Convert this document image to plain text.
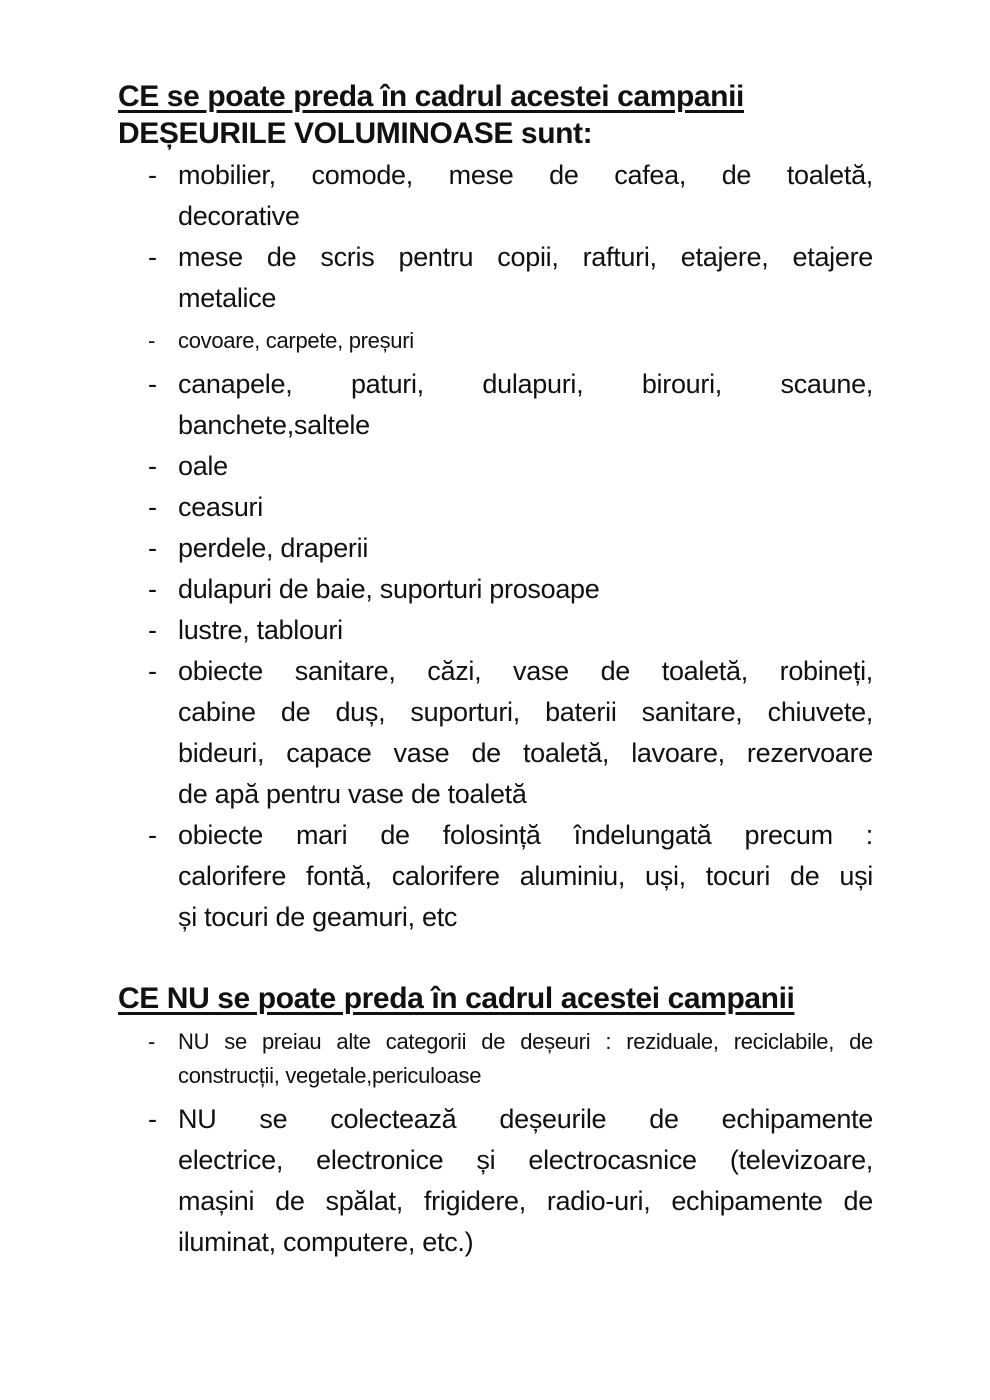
CE se poate preda în cadrul acestei campanii
DEȘEURILE VOLUMINOASE sunt:
- mobilier, comode, mese de cafea, de toaletă,
decorative
- mese de scris pentru copii, rafturi, etajere, etajere
metalice
- covoare, carpete, preșuri
- canapele, paturi, dulapuri, birouri, scaune,
banchete,saltele
- oale
- ceasuri
- perdele, draperii
- dulapuri de baie, suporturi prosoape
- lustre, tablouri
- obiecte sanitare, căzi, vase de toaletă, robineți,
cabine de duș, suporturi, baterii sanitare, chiuvete,
bideuri, capace vase de toaletă, lavoare, rezervoare
de apă pentru vase de toaletă
- obiecte mari de folosință îndelungată precum :
calorifere fontă, calorifere aluminiu, uși, tocuri de uși
și tocuri de geamuri, etc
CE NU se poate preda în cadrul acestei campanii
- NU se preiau alte categorii de deșeuri : reziduale, reciclabile, de
construcții, vegetale,periculoase
- NU se colectează deșeurile de echipamente
electrice, electronice și electrocasnice (televizoare,
mașini de spălat, frigidere, radio-uri, echipamente de
iluminat, computere, etc.)
